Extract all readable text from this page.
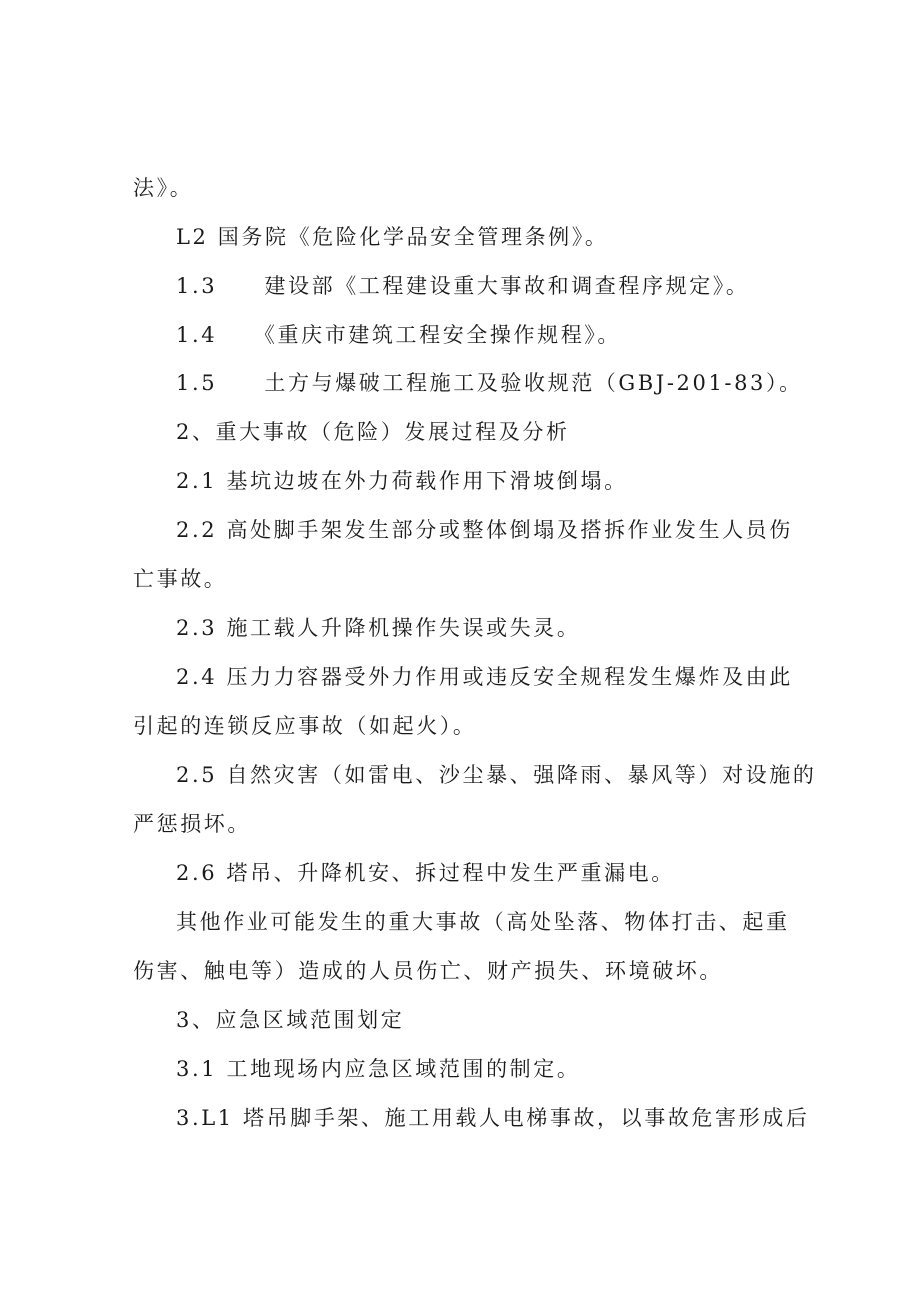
法》。
L2 国务院《危险化学品安全管理条例》。
1.3　　建设部《工程建设重大事故和调查程序规定》。
1.4　　《重庆市建筑工程安全操作规程》。
1.5　　土方与爆破工程施工及验收规范（GBJ-201-83）。
2、重大事故（危险）发展过程及分析
2.1 基坑边坡在外力荷载作用下滑坡倒塌。
2.2 高处脚手架发生部分或整体倒塌及搭拆作业发生人员伤
亡事故。
2.3 施工载人升降机操作失误或失灵。
2.4 压力力容器受外力作用或违反安全规程发生爆炸及由此
引起的连锁反应事故（如起火）。
2.5 自然灾害（如雷电、沙尘暴、强降雨、暴风等）对设施的
严惩损坏。
2.6 塔吊、升降机安、拆过程中发生严重漏电。
其他作业可能发生的重大事故（高处坠落、物体打击、起重
伤害、触电等）造成的人员伤亡、财产损失、环境破坏。
3、应急区域范围划定
3.1 工地现场内应急区域范围的制定。
3.L1 塔吊脚手架、施工用载人电梯事故，以事故危害形成后
